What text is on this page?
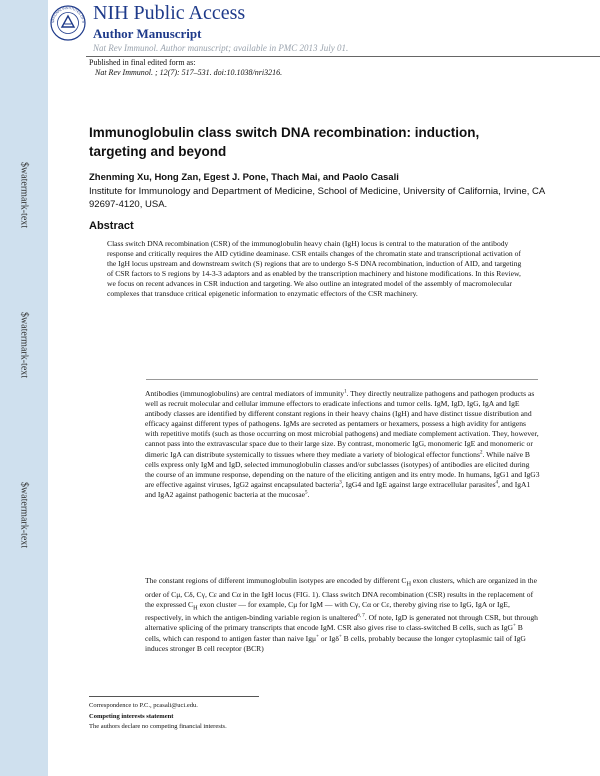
$watermark-text
$watermark-text
$watermark-text
NATIONAL INSTITUTES OF H NIH Public Access
Author Manuscript
Nat Rev Immunol. Author manuscript; available in PMC 2013 July 01.
Published in final edited form as:
Nat Rev Immunol. ; 12(7): 517–531. doi:10.1038/nri3216.
Immunoglobulin class switch DNA recombination: induction, targeting and beyond
Zhenming Xu, Hong Zan, Egest J. Pone, Thach Mai, and Paolo Casali
Institute for Immunology and Department of Medicine, School of Medicine, University of California, Irvine, CA 92697-4120, USA.
Abstract

Class switch DNA recombination (CSR) of the immunoglobulin heavy chain (IgH) locus is central to the maturation of the antibody response and critically requires the AID cytidine deaminase. CSR entails changes of the chromatin state and transcriptional activation of the IgH locus upstream and downstream switch (S) regions that are to undergo S-S DNA recombination, induction of AID, and targeting of CSR factors to S regions by 14-3-3 adaptors and as enabled by the transcription machinery and histone modifications. In this Review, we focus on recent advances in CSR induction and targeting. We also outline an integrated model of the assembly of macromolecular complexes that transduce critical epigenetic information to enzymatic effectors of the CSR machinery.

Antibodies (immunoglobulins) are central mediators of immunity$^1$. They directly neutralize pathogens and pathogen products as well as recruit molecular and cellular immune effectors to eradicate infections and tumor cells. IgM, IgD, IgG, IgA and IgE antibody classes are identified by different constant regions in their heavy chains (IgH) and have distinct tissue distribution and efficacy against different types of pathogens. IgMs are secreted as pentamers or hexamers, possess a high avidity for antigens with repetitive motifs (such as those occurring on most microbial pathogens) and mediate complement activation. They, however, cannot pass into the extravascular space due to their large size. By contrast, monomeric IgG, monomeric IgE and monomeric or dimeric IgA can distribute systemically to tissues where they mediate a variety of biological effector functions$^2$. While naïve B cells express only IgM and IgD, selected immunoglobulin classes and/or subclasses (isotypes) of antibodies are elicited during the course of an immune response, depending on the nature of the eliciting antigen and its entry mode. In humans, IgG1 and IgG3 are effective against viruses, IgG2 against encapsulated bacteria$^3$, IgG4 and IgE against large extracellular parasites$^4$, and IgA1 and IgA2 against pathogenic bacteria at the mucosae$^5$.

The constant regions of different immunoglobulin isotypes are encoded by different $C_H$ exon clusters, which are organized in the order of Cμ, Cδ, Cγ, Cε and Cα in the IgH locus (FIG. 1). Class switch DNA recombination (CSR) results in the replacement of the expressed $C_H$ exon cluster — for example, Cμ for IgM — with Cγ, Cα or Cε, thereby giving rise to IgG, IgA or IgE, respectively, in which the antigen-binding variable region is unaltered$^{6, 7}$. Of note, IgD is generated not through CSR, but through alternative splicing of the primary transcripts that encode IgM. CSR also gives rise to class-switched B cells, such as IgG+ B cells, which can respond to antigen faster than naive Igμ+ or Igδ+ B cells, probably because the longer cytoplasmic tail of IgG induces stronger B cell receptor (BCR)

Correspondence to P.C., pcasali@uci.edu.
Competing interests statement
The authors declare no competing financial interests.
